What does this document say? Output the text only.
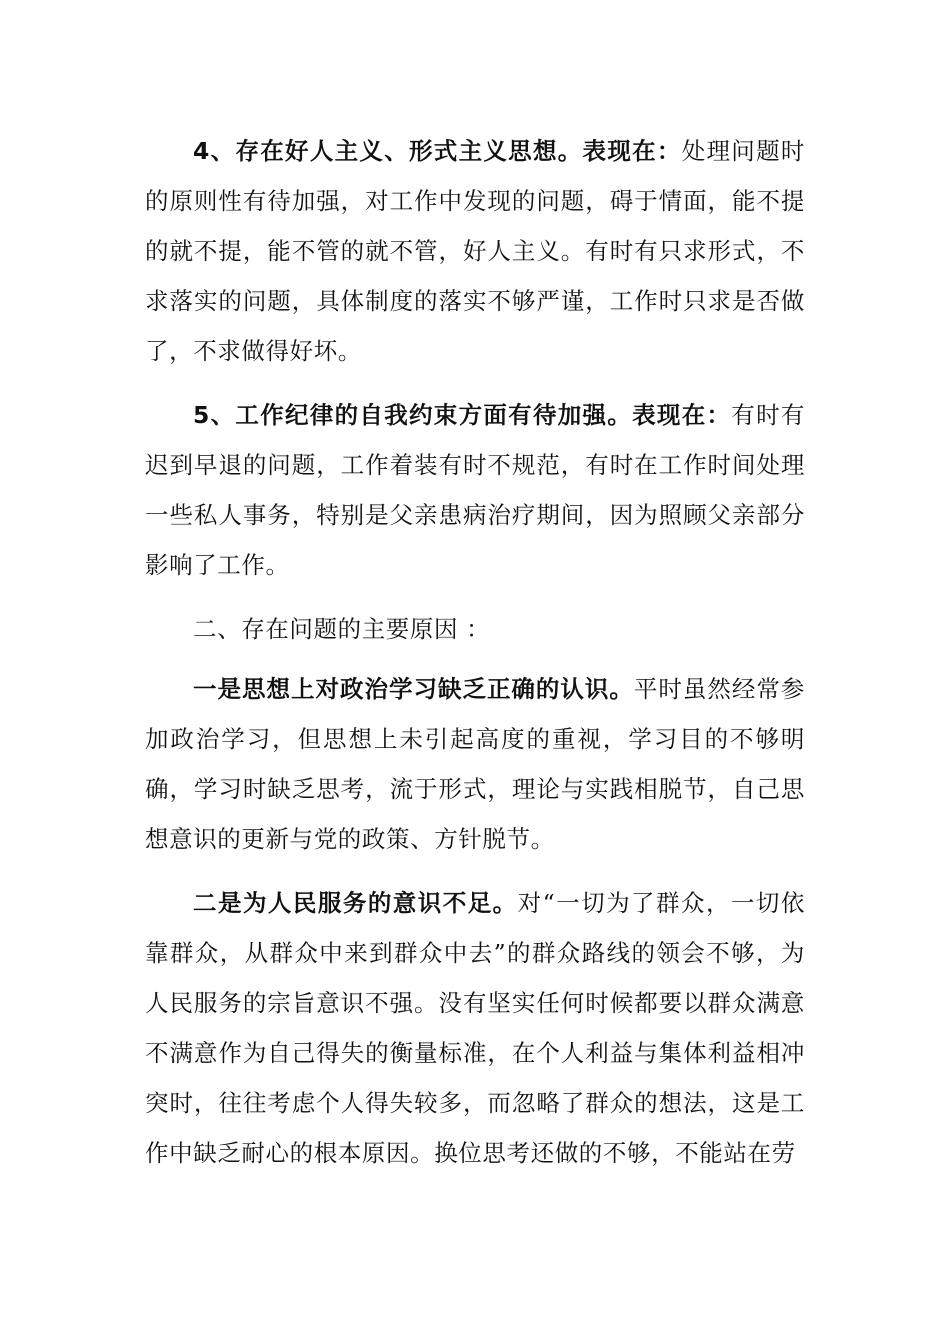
4、存在好人主义、形式主义思想。表现在：处理问题时的原则性有待加强，对工作中发现的问题，碍于情面，能不提的就不提，能不管的就不管，好人主义。有时有只求形式，不求落实的问题，具体制度的落实不够严谨，工作时只求是否做了，不求做得好坏。

5、工作纪律的自我约束方面有待加强。表现在：有时有迟到早退的问题，工作着装有时不规范，有时在工作时间处理一些私人事务，特别是父亲患病治疗期间，因为照顾父亲部分影响了工作。

二、存在问题的主要原因 ：

一是思想上对政治学习缺乏正确的认识。平时虽然经常参加政治学习，但思想上未引起高度的重视，学习目的不够明确，学习时缺乏思考，流于形式，理论与实践相脱节，自己思想意识的更新与党的政策、方针脱节。

二是为人民服务的意识不足。对“一切为了群众，一切依靠群众，从群众中来到群众中去”的群众路线的领会不够，为人民服务的宗旨意识不强。没有坚实任何时候都要以群众满意不满意作为自己得失的衡量标准，在个人利益与集体利益相冲突时，往往考虑个人得失较多，而忽略了群众的想法，这是工作中缺乏耐心的根本原因。换位思考还做的不够，不能站在劳
